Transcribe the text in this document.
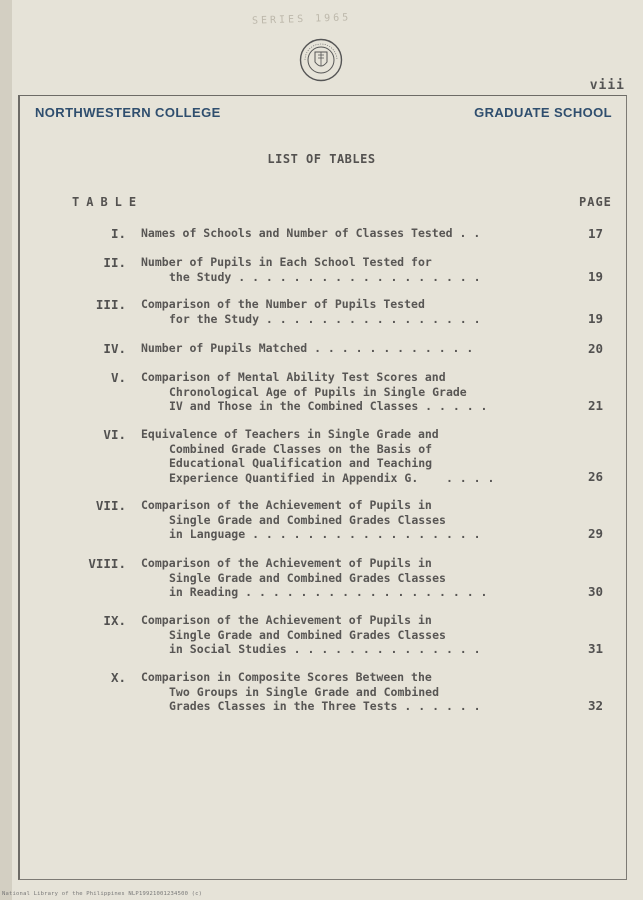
SERIES 1965
viii
NORTHWESTERN COLLEGE	GRADUATE SCHOOL
LIST OF TABLES
TABLE	PAGE
I. Names of Schools and Number of Classes Tested . .	17
II. Number of Pupils in Each School Tested for
the Study . . . . . . . . . . . . . . . . . .	19
III. Comparison of the Number of Pupils Tested
for the Study . . . . . . . . . . . . . . . .	19
IV. Number of Pupils Matched . . . . . . . . . . . .	20
V. Comparison of Mental Ability Test Scores and
Chronological Age of Pupils in Single Grade
IV and Those in the Combined Classes . . . . .	21
VI. Equivalence of Teachers in Single Grade and
Combined Grade Classes on the Basis of
Educational Qualification and Teaching
Experience Quantified in Appendix G.    . . . .	26
VII. Comparison of the Achievement of Pupils in
Single Grade and Combined Grades Classes
in Language . . . . . . . . . . . . . . . . .	29
VIII. Comparison of the Achievement of Pupils in
Single Grade and Combined Grades Classes
in Reading . . . . . . . . . . . . . . . . . .	30
IX. Comparison of the Achievement of Pupils in
Single Grade and Combined Grades Classes
in Social Studies . . . . . . . . . . . . . .	31
X. Comparison in Composite Scores Between the
Two Groups in Single Grade and Combined
Grades Classes in the Three Tests . . . . . .	32
National Library of the Philippines NLP19921001234500 (c)
